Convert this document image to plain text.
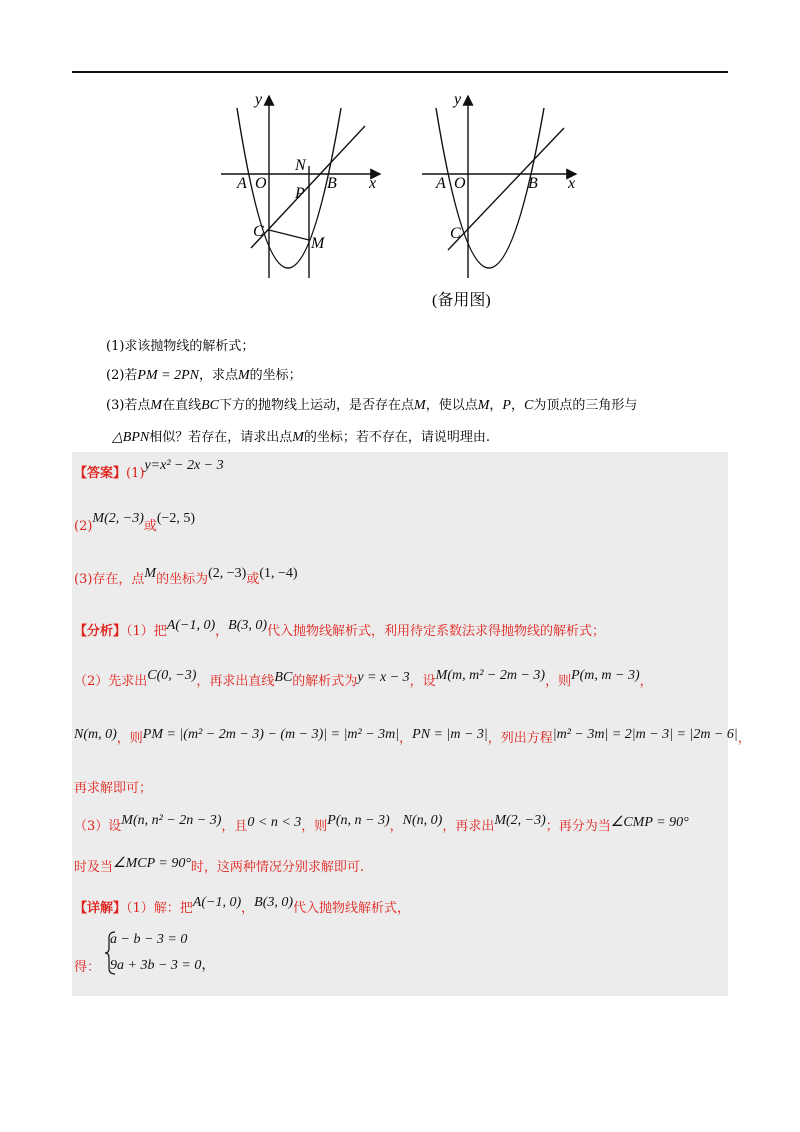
y
x
A O	B
C
N
P
M
y
x
A O	B
C
(备用图)
(1)求该抛物线的解析式；
(2)若PM = 2PN，求点M的坐标；
(3)若点M在直线BC下方的抛物线上运动，是否存在点M，使以点M，P，C为顶点的三角形与
△BPN相似？若存在，请求出点M的坐标；若不存在，请说明理由.
【答案】(1)y=x² − 2x − 3
(2)M(2, −3)或(−2, 5)
(3)存在，点M的坐标为(2, −3)或(1, −4)
【分析】（1）把A(−1, 0)，B(3, 0)代入抛物线解析式，利用待定系数法求得抛物线的解析式；
（2）先求出C(0, −3)，再求出直线BC的解析式为y = x − 3，设M(m, m² − 2m − 3)，则P(m, m − 3)，
N(m, 0)，则PM = |(m² − 2m − 3) − (m − 3)| = |m² − 3m|，PN = |m − 3|，列出方程|m² − 3m| = 2|m − 3| = |2m − 6|，
再求解即可；
（3）设M(n, n² − 2n − 3)，且0 < n < 3，则P(n, n − 3)，N(n, 0)，再求出M(2, −3)；再分为当∠CMP = 90°
时及当∠MCP = 90°时，这两种情况分别求解即可.
【详解】（1）解：把A(−1, 0)，B(3, 0)代入抛物线解析式，
得：
a − b − 3 = 0
9a + 3b − 3 = 0，
